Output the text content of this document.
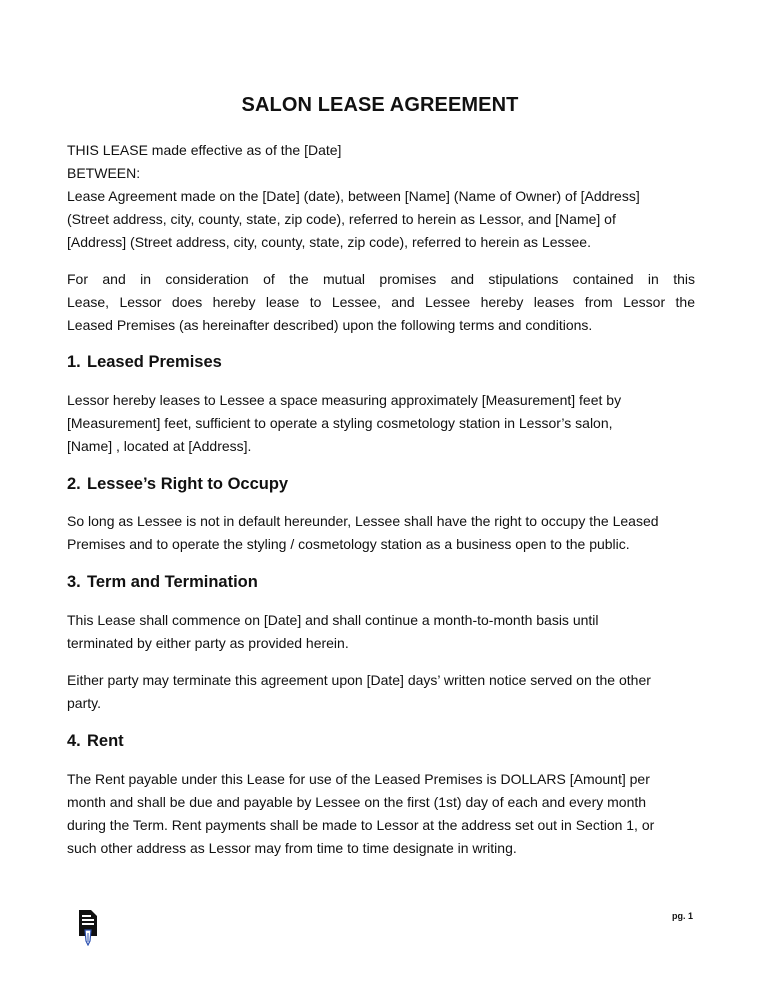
SALON LEASE AGREEMENT
THIS LEASE made effective as of the [Date]
BETWEEN:
Lease Agreement made on the [Date] (date), between [Name] (Name of Owner) of [Address]
(Street address, city, county, state, zip code), referred to herein as Lessor, and [Name] of
[Address] (Street address, city, county, state, zip code), referred to herein as Lessee.
For and in consideration of the mutual promises and stipulations contained in this
Lease, Lessor does hereby lease to Lessee, and Lessee hereby leases from Lessor the
Leased Premises (as hereinafter described) upon the following terms and conditions.
1. Leased Premises
Lessor hereby leases to Lessee a space measuring approximately [Measurement] feet by
[Measurement] feet, sufficient to operate a styling cosmetology station in Lessor’s salon,
[Name] , located at [Address].
2. Lessee’s Right to Occupy
So long as Lessee is not in default hereunder, Lessee shall have the right to occupy the Leased
Premises and to operate the styling / cosmetology station as a business open to the public.
3. Term and Termination
This Lease shall commence on [Date] and shall continue a month-to-month basis until
terminated by either party as provided herein.
Either party may terminate this agreement upon [Date] days’ written notice served on the other
party.
4. Rent
The Rent payable under this Lease for use of the Leased Premises is DOLLARS [Amount] per
month and shall be due and payable by Lessee on the first (1st) day of each and every month
during the Term. Rent payments shall be made to Lessor at the address set out in Section 1, or
such other address as Lessor may from time to time designate in writing.
pg. 1
